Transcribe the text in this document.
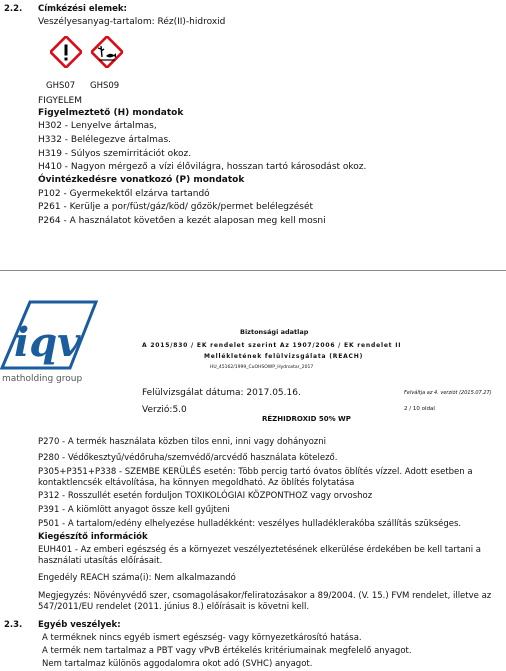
2.2. Címkézési elemek:
Veszélyesanyag-tartalom: Réz(II)-hidroxid
GHS07 GHS09
FIGYELEM
Figyelmeztető (H) mondatok
H302 - Lenyelve ártalmas,
H332 - Belélegezve ártalmas.
H319 - Súlyos szemirritációt okoz.
H410 - Nagyon mérgező a vízi élővilágra, hosszan tartó károsodást okoz.
Óvintézkedésre vonatkozó (P) mondatok
P102 - Gyermekektől elzárva tartandó
P261 - Kerülje a por/füst/gáz/köd/ gőzök/permet belélegzését
P264 - A használatot követően a kezét alaposan meg kell mosni
iqv
matholding group
Biztonsági adatlap
A 2015/830 / EK rendelet szerint Az 1907/2006 / EK rendelet II
Mellékletének felülvizsgálata (REACH)
HU_45162/1999_CuOHSOWP_Hydroxtar_2017
Felülvizsgálat dátuma: 2017.05.16.	Felváltja az 4. verziót (2015.07.27)
Verzió:5.0	2 / 10 oldal
RÉZHIDROXID 50% WP
P270 - A termék használata közben tilos enni, inni vagy dohányozni
P280 - Védőkesztyű/védőruha/szemvédő/arcvédő használata kötelező.
P305+P351+P338 - SZEMBE KERÜLÉS esetén: Több percig tartó óvatos öblítés vízzel. Adott esetben a kontaktlencsék eltávolítása, ha könnyen megoldható. Az öblítés folytatása
P312 - Rosszullét esetén forduljon TOXIKOLÓGIAI KÖZPONTHOZ vagy orvoshoz
P391 - A kiömlött anyagot össze kell gyűjteni
P501 - A tartalom/edény elhelyezése hulladékként: veszélyes hulladéklerakóba szállítás szükséges.
Kiegészítő információk
EUH401 - Az emberi egészség és a környezet veszélyeztetésének elkerülése érdekében be kell tartani a használati utasítás előírásait.
Engedély REACH száma(i): Nem alkalmazandó
Megjegyzés: Növényvédő szer, csomagolásakor/feliratozásakor a 89/2004. (V. 15.) FVM rendelet, illetve az 547/2011/EU rendelet (2011. június 8.) előírásait is követni kell.
2.3. Egyéb veszélyek:
A terméknek nincs egyéb ismert egészség- vagy környezetkárosító hatása.
A termék nem tartalmaz a PBT vagy vPvB értékelés kritériumainak megfelelő anyagot.
Nem tartalmaz különös aggodalomra okot adó (SVHC) anyagot.
